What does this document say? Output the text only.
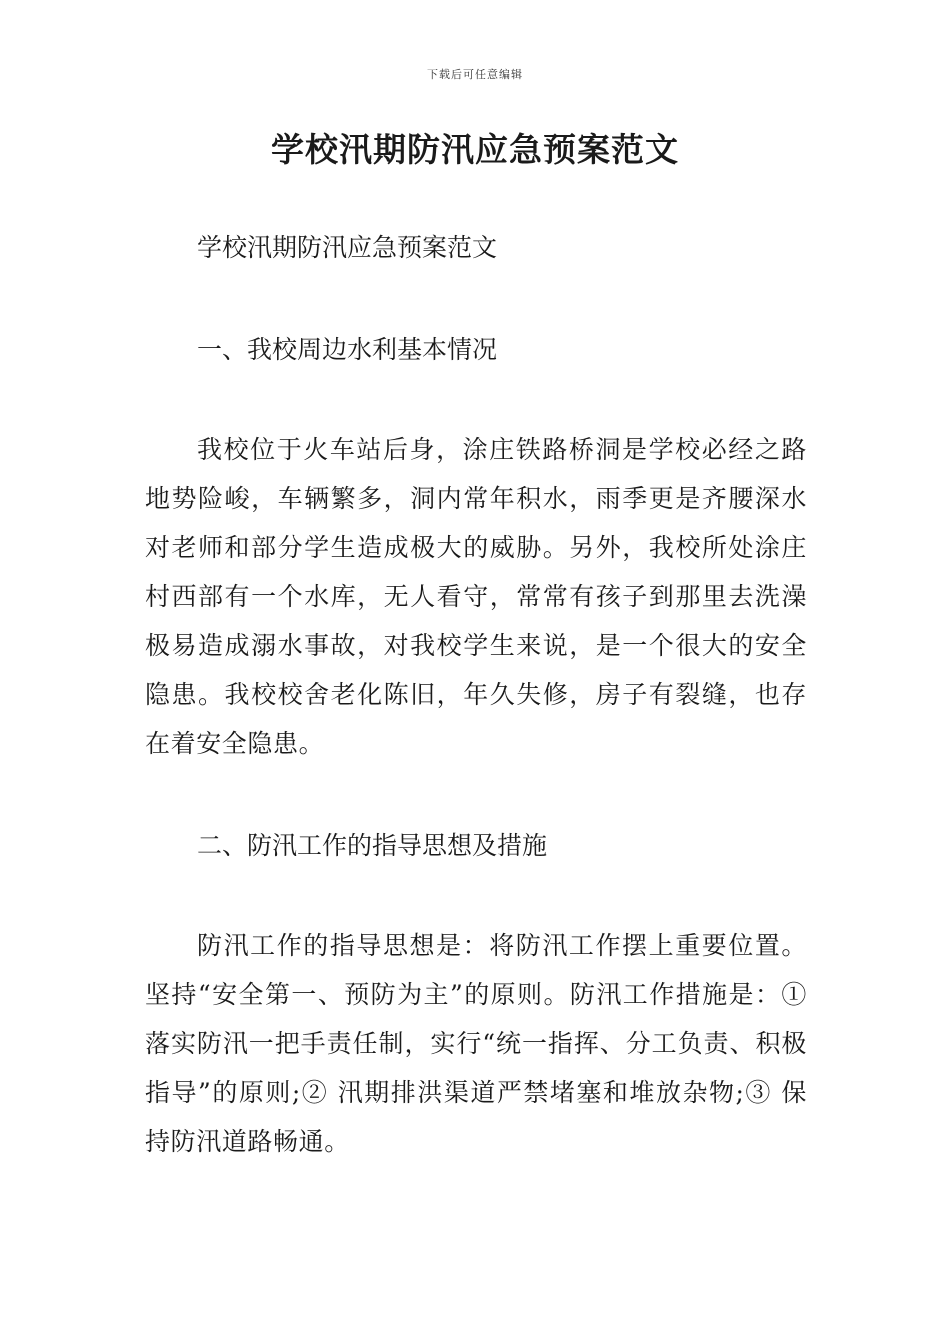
下载后可任意编辑
学校汛期防汛应急预案范文
学校汛期防汛应急预案范文
一、我校周边水利基本情况

我校位于火车站后身，涂庄铁路桥洞是学校必经之路地势险峻，车辆繁多，洞内常年积水，雨季更是齐腰深水对老师和部分学生造成极大的威胁。另外，我校所处涂庄村西部有一个水库，无人看守，常常有孩子到那里去洗澡极易造成溺水事故，对我校学生来说，是一个很大的安全隐患。我校校舍老化陈旧，年久失修，房子有裂缝，也存在着安全隐患。

二、防汛工作的指导思想及措施

防汛工作的指导思想是：将防汛工作摆上重要位置。坚持“安全第一、预防为主”的原则。防汛工作措施是：①落实防汛一把手责任制，实行“统一指挥、分工负责、积极指导”的原则;② 汛期排洪渠道严禁堵塞和堆放杂物;③ 保持防汛道路畅通。
